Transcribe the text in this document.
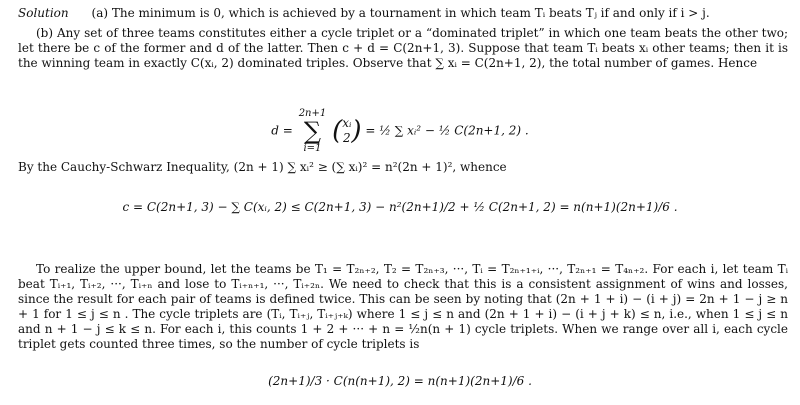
Solution (a) The minimum is 0, which is achieved by a tournament in which team Tᵢ beats Tⱼ if and only if i > j.
(b) Any set of three teams constitutes either a cycle triplet or a “dominated triplet” in which one team beats the other two; let there be c of the former and d of the latter. Then c + d = C(2n+1, 3). Suppose that team Tᵢ beats xᵢ other teams; then it is the winning team in exactly C(xᵢ, 2) dominated triples. Observe that ∑ xᵢ = C(2n+1, 2), the total number of games. Hence
d = 2n+1
∑
i=1 (xᵢ
2) = ½ ∑ xᵢ² − ½ C(2n+1, 2) .
By the Cauchy-Schwarz Inequality, (2n + 1) ∑ xᵢ² ≥ (∑ xᵢ)² = n²(2n + 1)², whence
c = C(2n+1, 3) − ∑ C(xᵢ, 2) ≤ C(2n+1, 3) − n²(2n+1)/2 + ½ C(2n+1, 2) = n(n+1)(2n+1)/6 .
To realize the upper bound, let the teams be T₁ = T₂ₙ₊₂, T₂ = T₂ₙ₊₃, ···, Tᵢ = T₂ₙ₊₁₊ᵢ, ···, T₂ₙ₊₁ = T₄ₙ₊₂. For each i, let team Tᵢ beat Tᵢ₊₁, Tᵢ₊₂, ···, Tᵢ₊ₙ and lose to Tᵢ₊ₙ₊₁, ···, Tᵢ₊₂ₙ. We need to check that this is a consistent assignment of wins and losses, since the result for each pair of teams is defined twice. This can be seen by noting that (2n + 1 + i) − (i + j) = 2n + 1 − j ≥ n + 1 for 1 ≤ j ≤ n . The cycle triplets are (Tᵢ, Tᵢ₊ⱼ, Tᵢ₊ⱼ₊ₖ) where 1 ≤ j ≤ n and (2n + 1 + i) − (i + j + k) ≤ n, i.e., when 1 ≤ j ≤ n and n + 1 − j ≤ k ≤ n. For each i, this counts 1 + 2 + ··· + n = ½n(n + 1) cycle triplets. When we range over all i, each cycle triplet gets counted three times, so the number of cycle triplets is
(2n+1)/3 · C(n(n+1), 2) = n(n+1)(2n+1)/6 .
